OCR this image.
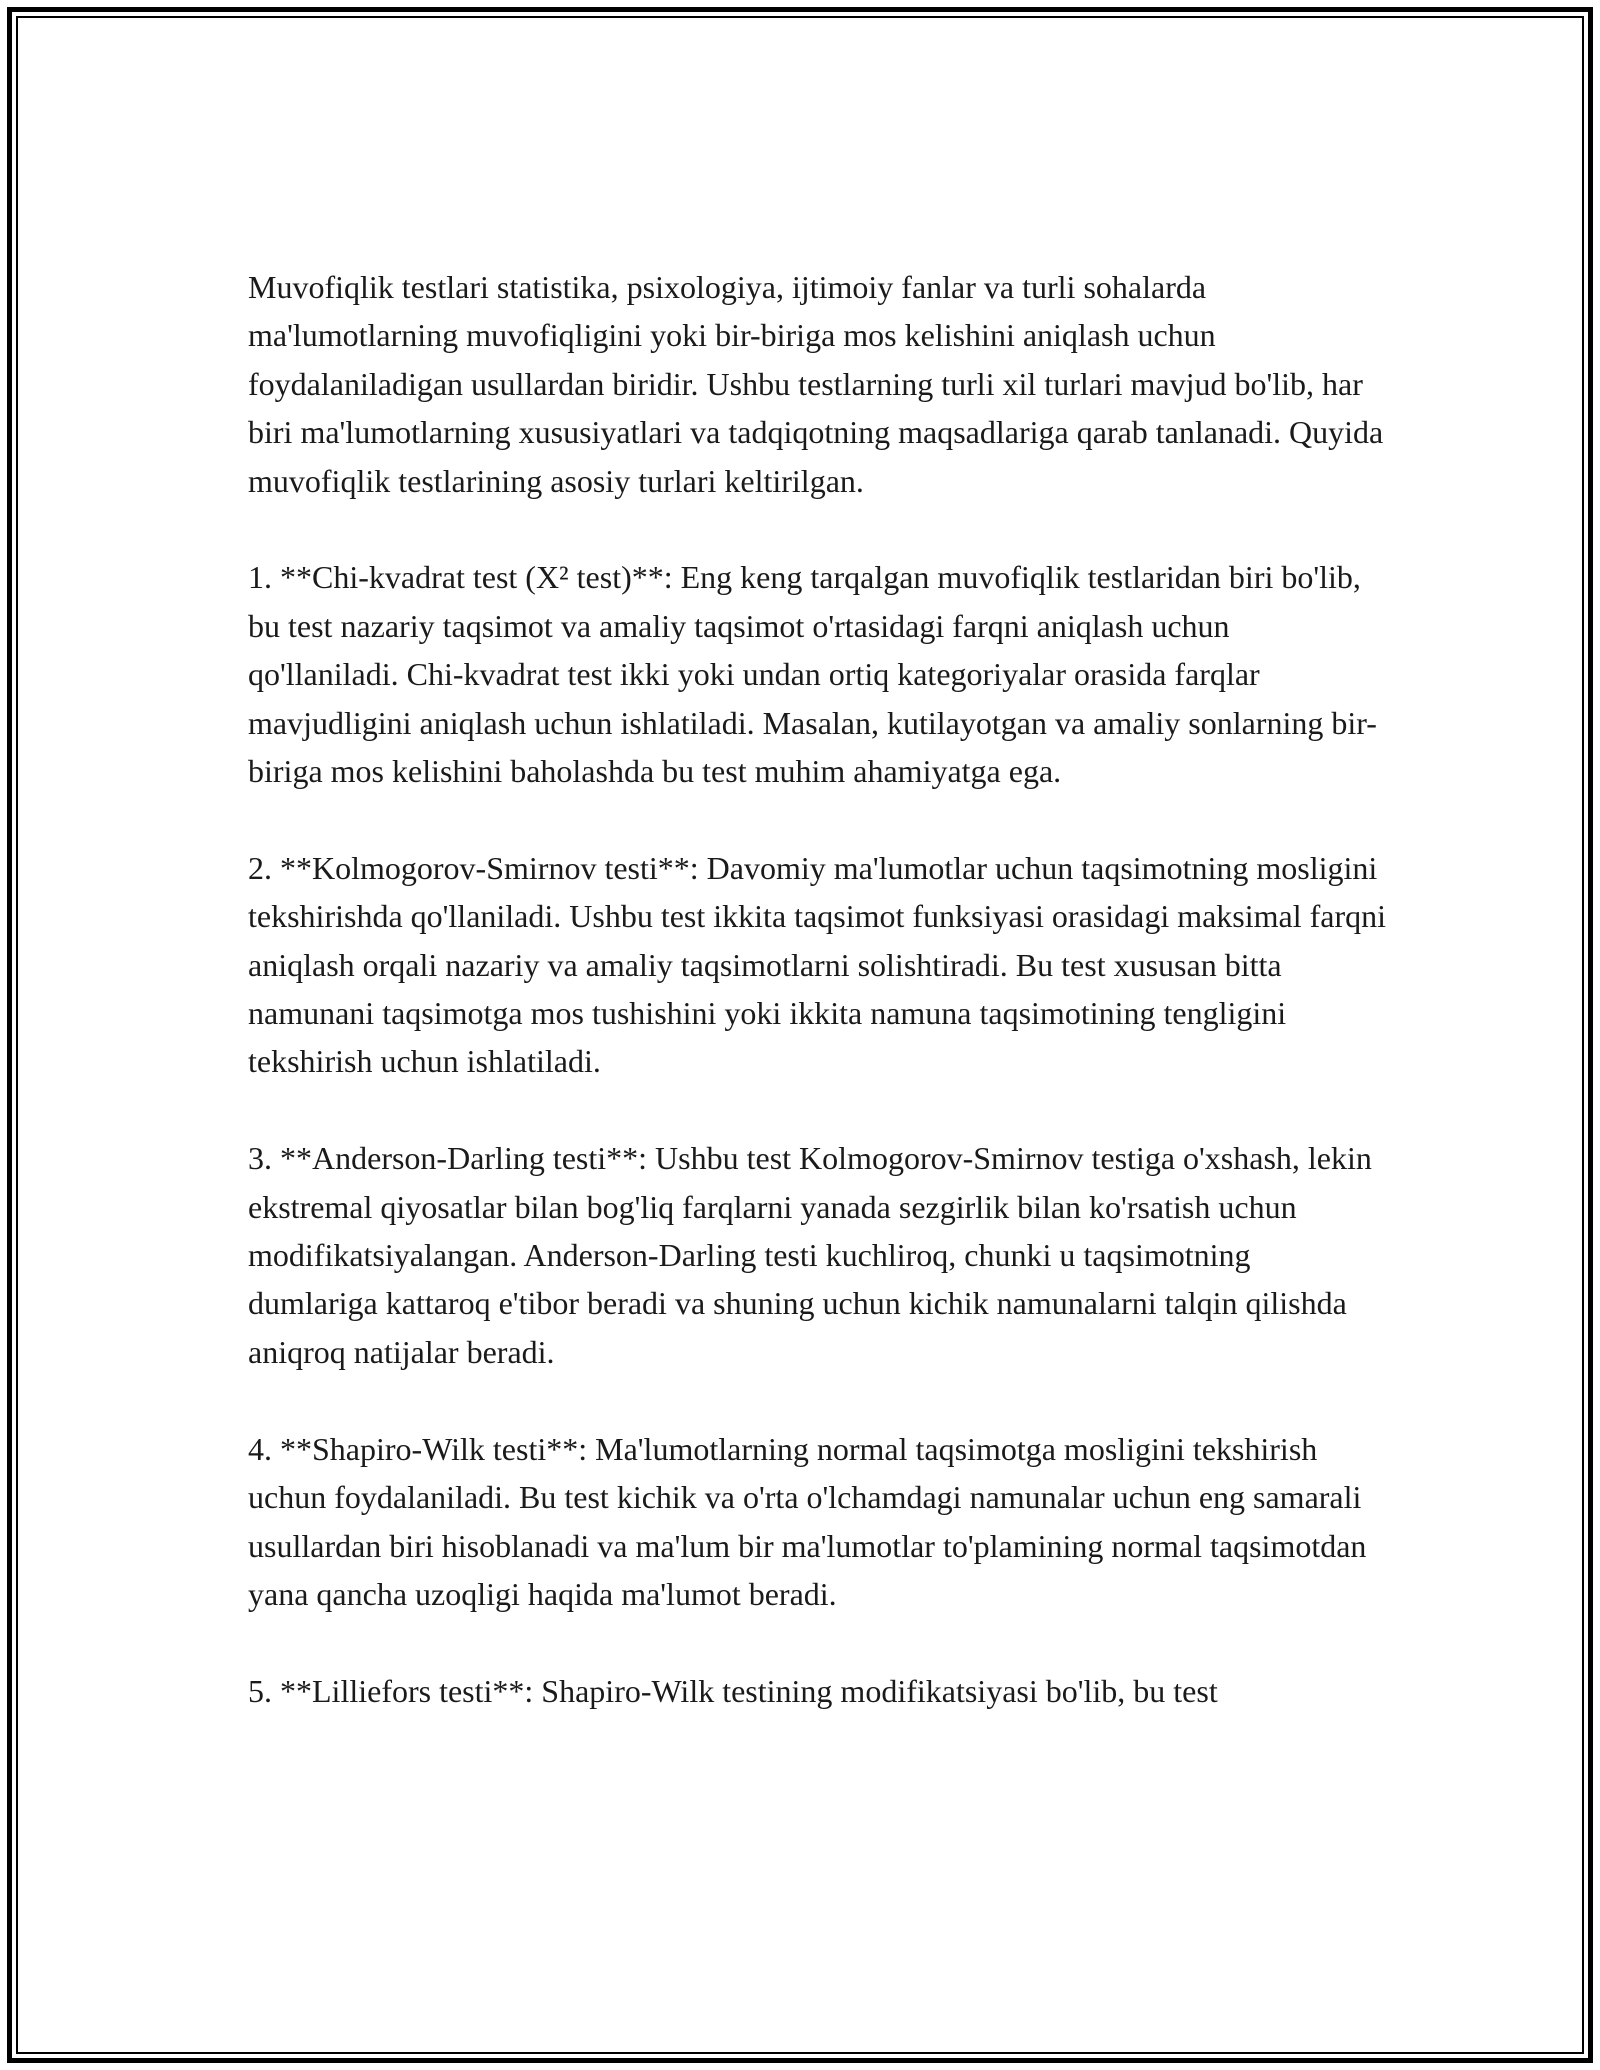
Muvofiqlik testlari statistika, psixologiya, ijtimoiy fanlar va turli sohalarda ma'lumotlarning muvofiqligini yoki bir-biriga mos kelishini aniqlash uchun foydalaniladigan usullardan biridir. Ushbu testlarning turli xil turlari mavjud bo'lib, har biri ma'lumotlarning xususiyatlari va tadqiqotning maqsadlariga qarab tanlanadi. Quyida muvofiqlik testlarining asosiy turlari keltirilgan.

1. **Chi-kvadrat test (X² test)**: Eng keng tarqalgan muvofiqlik testlaridan biri bo'lib, bu test nazariy taqsimot va amaliy taqsimot o'rtasidagi farqni aniqlash uchun qo'llaniladi. Chi-kvadrat test ikki yoki undan ortiq kategoriyalar orasida farqlar mavjudligini aniqlash uchun ishlatiladi. Masalan, kutilayotgan va amaliy sonlarning bir-biriga mos kelishini baholashda bu test muhim ahamiyatga ega.

2. **Kolmogorov-Smirnov testi**: Davomiy ma'lumotlar uchun taqsimotning mosligini tekshirishda qo'llaniladi. Ushbu test ikkita taqsimot funksiyasi orasidagi maksimal farqni aniqlash orqali nazariy va amaliy taqsimotlarni solishtiradi. Bu test xususan bitta namunani taqsimotga mos tushishini yoki ikkita namuna taqsimotining tengligini tekshirish uchun ishlatiladi.

3. **Anderson-Darling testi**: Ushbu test Kolmogorov-Smirnov testiga o'xshash, lekin ekstremal qiyosatlar bilan bog'liq farqlarni yanada sezgirlik bilan ko'rsatish uchun modifikatsiyalangan. Anderson-Darling testi kuchliroq, chunki u taqsimotning dumlariga kattaroq e'tibor beradi va shuning uchun kichik namunalarni talqin qilishda aniqroq natijalar beradi.

4. **Shapiro-Wilk testi**: Ma'lumotlarning normal taqsimotga mosligini tekshirish uchun foydalaniladi. Bu test kichik va o'rta o'lchamdagi namunalar uchun eng samarali usullardan biri hisoblanadi va ma'lum bir ma'lumotlar to'plamining normal taqsimotdan yana qancha uzoqligi haqida ma'lumot beradi.

5. **Lilliefors testi**: Shapiro-Wilk testining modifikatsiyasi bo'lib, bu test
